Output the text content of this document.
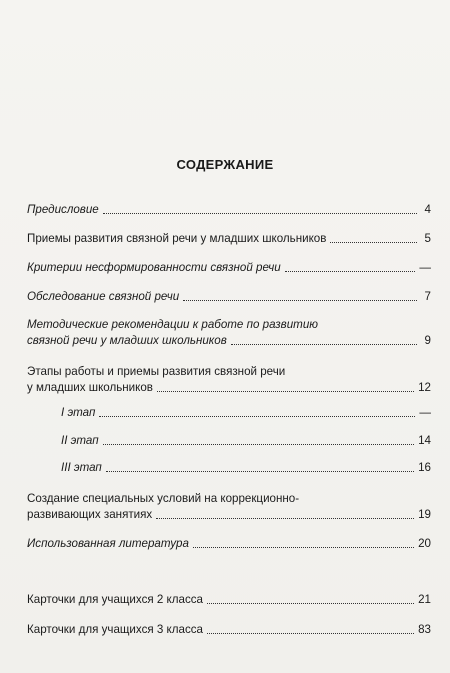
СОДЕРЖАНИЕ
Предисловие	4
Приемы развития связной речи у младших школьников	5
Критерии несформированности связной речи	—
Обследование связной речи	7
Методические рекомендации к работе по развитию
связной речи у младших школьников	9
Этапы работы и приемы развития связной речи
у младших школьников	12
I этап	—
II этап	14
III этап	16
Создание специальных условий на коррекционно-
развивающих занятиях	19
Использованная литература	20
Карточки для учащихся 2 класса	21
Карточки для учащихся 3 класса	83
